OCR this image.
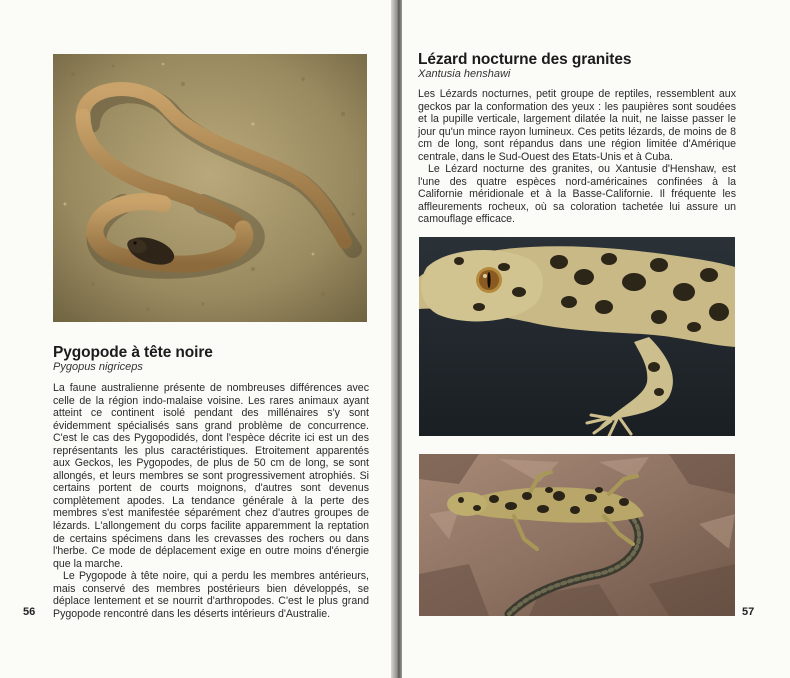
Pygopode à tête noire
Pygopus nigriceps

La faune australienne présente de nombreuses différences avec celle de la région indo-malaise voisine. Les rares animaux ayant atteint ce continent isolé pendant des millénaires s'y sont évidemment spécialisés sans grand problème de concurrence. C'est le cas des Pygopodidés, dont l'espèce décrite ici est un des représentants les plus caractéristiques. Etroitement apparentés aux Geckos, les Pygopodes, de plus de 50 cm de long, se sont allongés, et leurs membres se sont progressivement atrophiés. Si certains portent de courts moignons, d'autres sont devenus complètement apodes. La tendance générale à la perte des membres s'est manifestée séparément chez d'autres groupes de lézards. L'allongement du corps facilite apparemment la reptation de certains spécimens dans les crevasses des rochers ou dans l'herbe. Ce mode de déplacement exige en outre moins d'énergie que la marche.

Le Pygopode à tête noire, qui a perdu les membres antérieurs, mais conservé des membres postérieurs bien développés, se déplace lentement et se nourrit d'arthropodes. C'est le plus grand Pygopode rencontré dans les déserts intérieurs d'Australie.

56
Lézard nocturne des granites
Xantusia henshawi

Les Lézards nocturnes, petit groupe de reptiles, ressemblent aux geckos par la conformation des yeux : les paupières sont soudées et la pupille verticale, largement dilatée la nuit, ne laisse passer le jour qu'un mince rayon lumineux. Ces petits lézards, de moins de 8 cm de long, sont répandus dans une région limitée d'Amérique centrale, dans le Sud-Ouest des Etats-Unis et à Cuba.

Le Lézard nocturne des granites, ou Xantusie d'Henshaw, est l'une des quatre espèces nord-américaines confinées à la Californie méridionale et à la Basse-Californie. Il fréquente les affleurements rocheux, où sa coloration tachetée lui assure un camouflage efficace.

57
